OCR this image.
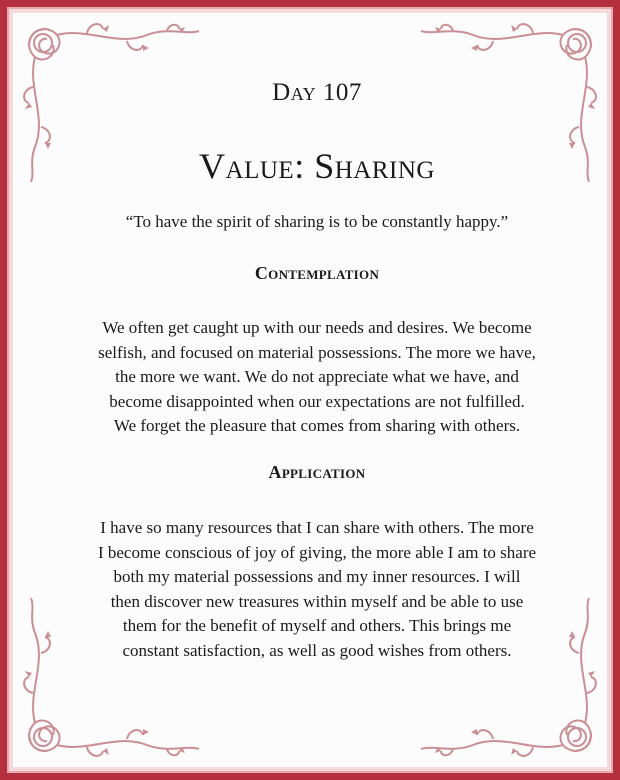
Day 107
Value: Sharing
“To have the spirit of sharing is to be constantly happy.”
Contemplation
We often get caught up with our needs and desires. We become
selfish, and focused on material possessions. The more we have,
the more we want. We do not appreciate what we have, and
become disappointed when our expectations are not fulfilled.
We forget the pleasure that comes from sharing with others.
Application
I have so many resources that I can share with others. The more
I become conscious of joy of giving, the more able I am to share
both my material possessions and my inner resources. I will
then discover new treasures within myself and be able to use
them for the benefit of myself and others. This brings me
constant satisfaction, as well as good wishes from others.
